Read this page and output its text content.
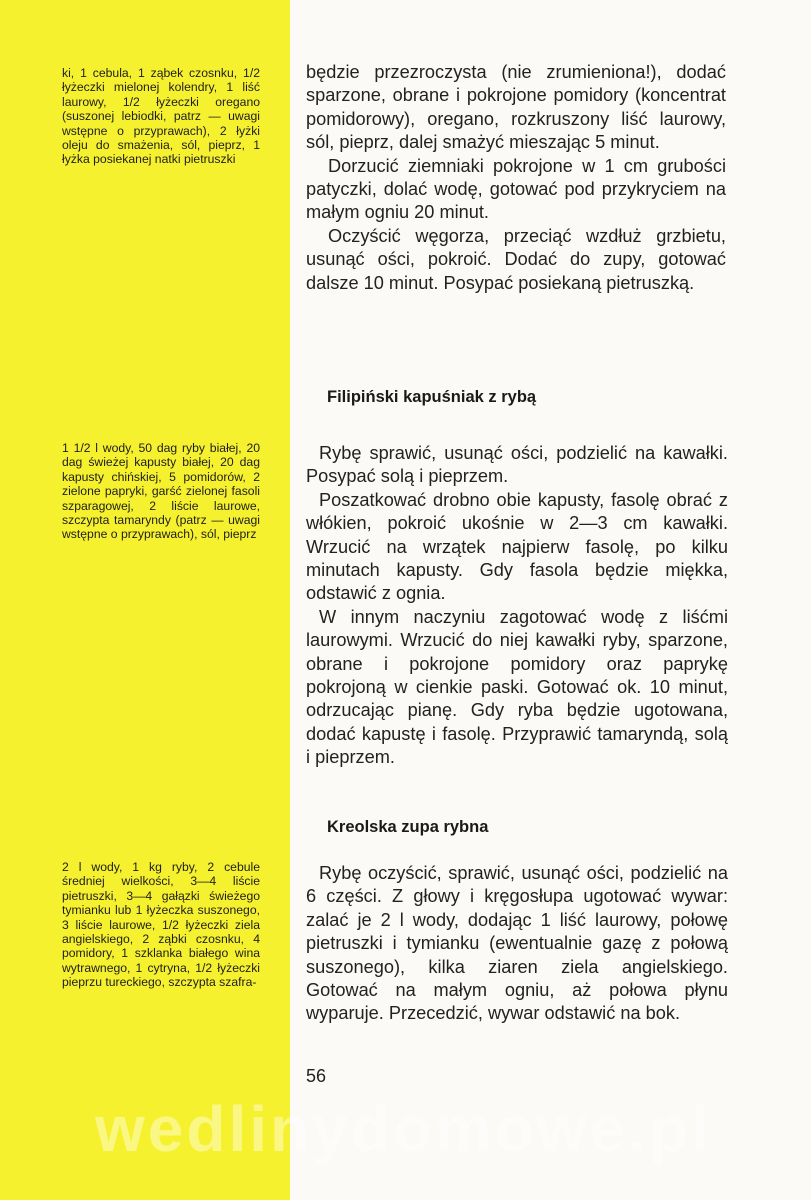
ki, 1 cebula, 1 ząbek czosnku, 1/2 łyżeczki mielonej kolendry, 1 liść laurowy, 1/2 łyżeczki oregano (suszonej lebiodki, patrz — uwagi wstępne o przyprawach), 2 łyżki oleju do smażenia, sól, pieprz, 1 łyżka posiekanej natki pietruszki

1 1/2 l wody, 50 dag ryby białej, 20 dag świeżej kapusty białej, 20 dag kapusty chińskiej, 5 pomidorów, 2 zielone papryki, garść zielonej fasoli szparagowej, 2 liście laurowe, szczypta tamaryndy (patrz — uwagi wstępne o przyprawach), sól, pieprz

2 l wody, 1 kg ryby, 2 cebule średniej wielkości, 3—4 liście pietruszki, 3—4 gałązki świeżego tymianku lub 1 łyżeczka suszonego, 3 liście laurowe, 1/2 łyżeczki ziela angielskiego, 2 ząbki czosnku, 4 pomidory, 1 szklanka białego wina wytrawnego, 1 cytryna, 1/2 łyżeczki pieprzu tureckiego, szczypta szafra-

będzie przezroczysta (nie zrumieniona!), dodać sparzone, obrane i pokrojone pomidory (koncentrat pomidorowy), oregano, rozkruszony liść laurowy, sól, pieprz, dalej smażyć mieszając 5 minut.

Dorzucić ziemniaki pokrojone w 1 cm grubości patyczki, dolać wodę, gotować pod przykryciem na małym ogniu 20 minut.

Oczyścić węgorza, przeciąć wzdłuż grzbietu, usunąć ości, pokroić. Dodać do zupy, gotować dalsze 10 minut. Posypać posiekaną pietruszką.

Filipiński kapuśniak z rybą

Rybę sprawić, usunąć ości, podzielić na kawałki. Posypać solą i pieprzem.

Poszatkować drobno obie kapusty, fasolę obrać z włókien, pokroić ukośnie w 2—3 cm kawałki. Wrzucić na wrzątek najpierw fasolę, po kilku minutach kapusty. Gdy fasola będzie miękka, odstawić z ognia.

W innym naczyniu zagotować wodę z liśćmi laurowymi. Wrzucić do niej kawałki ryby, sparzone, obrane i pokrojone pomidory oraz paprykę pokrojoną w cienkie paski. Gotować ok. 10 minut, odrzucając pianę. Gdy ryba będzie ugotowana, dodać kapustę i fasolę. Przyprawić tamaryndą, solą i pieprzem.

Kreolska zupa rybna

Rybę oczyścić, sprawić, usunąć ości, podzielić na 6 części. Z głowy i kręgosłupa ugotować wywar: zalać je 2 l wody, dodając 1 liść laurowy, połowę pietruszki i tymianku (ewentualnie gazę z połową suszonego), kilka ziaren ziela angielskiego. Gotować na małym ogniu, aż połowa płynu wyparuje. Przecedzić, wywar odstawić na bok.

56
wedlinydomowe.pl
